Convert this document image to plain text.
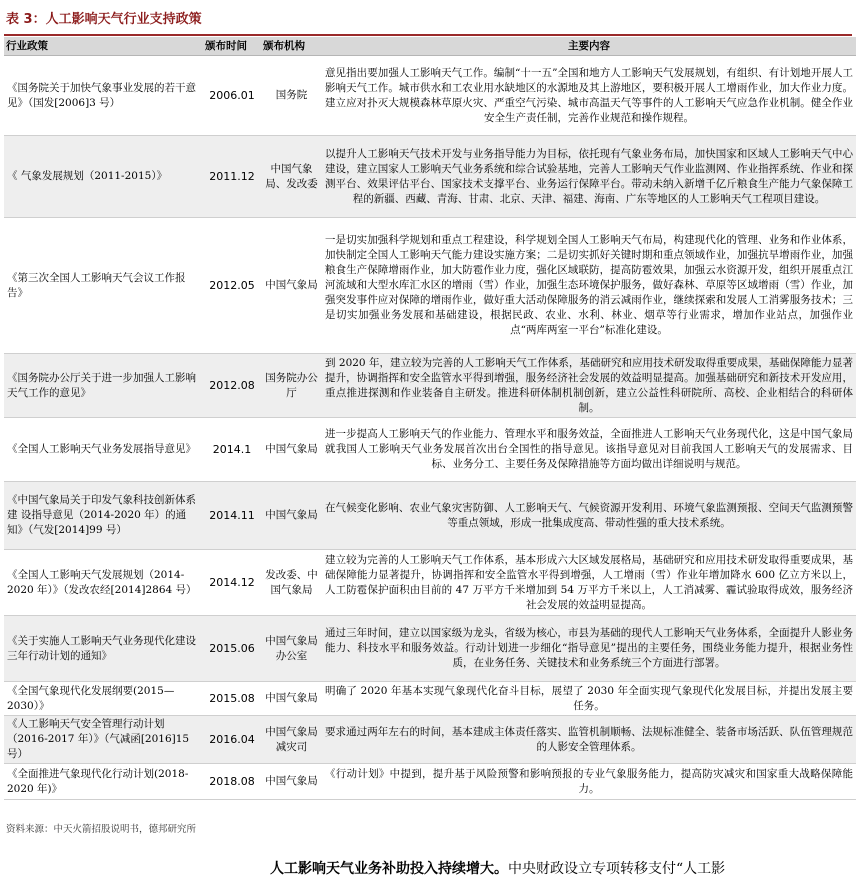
表 3：人工影响天气行业支持政策
行业政策	颁布时间	颁布机构	主要内容
《国务院关于加快气象事业发展的若干意见》（国发[2006]3 号）	2006.01	国务院	意见指出要加强人工影响天气工作。编制“十一五”全国和地方人工影响天气发展规划，有组织、有计划地开展人工影响天气工作。城市供水和工农业用水缺地区的水源地及其上游地区，要积极开展人工增雨作业，加大作业力度。建立应对扑灭大规模森林草原火灾、严重空气污染、城市高温天气等事件的人工影响天气应急作业机制。健全作业安全生产责任制，完善作业规范和操作规程。
《 气象发展规划（2011-2015）》	2011.12	中国气象局、发改委	以提升人工影响天气技术开发与业务指导能力为目标，依托现有气象业务布局，加快国家和区域人工影响天气中心建设，建立国家人工影响天气业务系统和综合试验基地，完善人工影响天气作业监测网、作业指挥系统、作业和探测平台、效果评估平台、国家技术支撑平台、业务运行保障平台。带动未纳入新增千亿斤粮食生产能力气象保障工程的新疆、西藏、青海、甘肃、北京、天津、福建、海南、广东等地区的人工影响天气工程项目建设。
《第三次全国人工影响天气会议工作报告》	2012.05	中国气象局	一是切实加强科学规划和重点工程建设，科学规划全国人工影响天气布局，构建现代化的管理、业务和作业体系，加快制定全国人工影响天气能力建设实施方案；二是切实抓好关键时期和重点领域作业，加强抗旱增雨作业，加强粮食生产保障增雨作业，加大防雹作业力度，强化区域联防，提高防雹效果，加强云水资源开发，组织开展重点江河流域和大型水库汇水区的增雨（雪）作业，加强生态环境保护服务，做好森林、草原等区域增雨（雪）作业，加强突发事件应对保障的增雨作业，做好重大活动保障服务的消云减雨作业，继续探索和发展人工消雾服务技术；三是切实加强业务发展和基础建设，根据民政、农业、水利、林业、烟草等行业需求，增加作业站点，加强作业点“两库两室一平台”标准化建设。
《国务院办公厅关于进一步加强人工影响天气工作的意见》	2012.08	国务院办公厅	到 2020 年，建立较为完善的人工影响天气工作体系，基础研究和应用技术研发取得重要成果，基础保障能力显著提升，协调指挥和安全监管水平得到增强，服务经济社会发展的效益明显提高。加强基础研究和新技术开发应用，重点推进探测和作业装备自主研发。推进科研体制机制创新，建立公益性科研院所、高校、企业相结合的科研体制。
《全国人工影响天气业务发展指导意见》	2014.1	中国气象局	进一步提高人工影响天气的作业能力、管理水平和服务效益，全面推进人工影响天气业务现代化，这是中国气象局就我国人工影响天气业务发展首次出台全国性的指导意见。该指导意见对目前我国人工影响天气的发展需求、目标、业务分工、主要任务及保障措施等方面均做出详细说明与规范。
《中国气象局关于印发气象科技创新体系建 设指导意见（2014-2020 年）的通知》（气发[2014]99 号）	2014.11	中国气象局	在气候变化影响、农业气象灾害防御、人工影响天气、气候资源开发利用、环境气象监测预报、空间天气监测预警等重点领域，形成一批集成度高、带动性强的重大技术系统。
《全国人工影响天气发展规划（2014-2020 年）》（发改农经[2014]2864 号）	2014.12	发改委、中国气象局	建立较为完善的人工影响天气工作体系，基本形成六大区域发展格局，基础研究和应用技术研发取得重要成果，基础保障能力显著提升，协调指挥和安全监管水平得到增强，人工增雨（雪）作业年增加降水 600 亿立方米以上，人工防雹保护面积由目前的 47 万平方千米增加到 54 万平方千米以上，人工消减雾、霾试验取得成效，服务经济社会发展的效益明显提高。
《关于实施人工影响天气业务现代化建设三年行动计划的通知》	2015.06	中国气象局办公室	通过三年时间，建立以国家级为龙头，省级为核心，市县为基础的现代人工影响天气业务体系，全面提升人影业务能力、科技水平和服务效益。行动计划进一步细化“指导意见”提出的主要任务，围绕业务能力提升，根据业务性质，在业务任务、关键技术和业务系统三个方面进行部署。
《全国气象现代化发展纲要(2015—2030）》	2015.08	中国气象局	明确了 2020 年基本实现气象现代化奋斗目标，展望了 2030 年全面实现气象现代化发展目标，并提出发展主要任务。
《人工影响天气安全管理行动计划（2016-2017 年）》（气减函[2016]15 号）	2016.04	中国气象局减灾司	要求通过两年左右的时间，基本建成主体责任落实、监管机制顺畅、法规标准健全、装备市场活跃、队伍管理规范的人影安全管理体系。
《全面推进气象现代化行动计划(2018-2020 年)》	2018.08	中国气象局	《行动计划》中提到，提升基于风险预警和影响预报的专业气象服务能力，提高防灾减灾和国家重大战略保障能力。
资料来源：中天火箭招股说明书，德邦研究所
人工影响天气业务补助投入持续增大。中央财政设立专项转移支付“人工影
